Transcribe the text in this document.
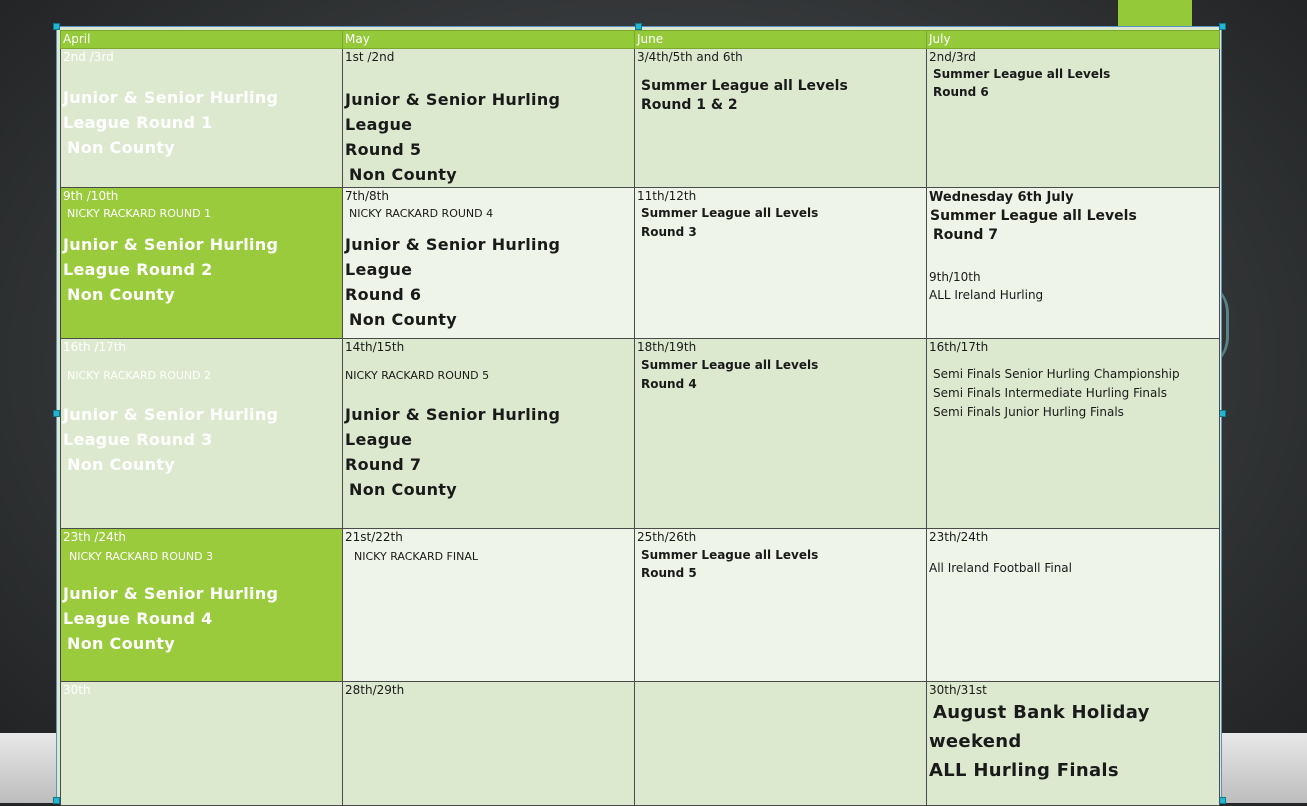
April	May	June	July

2nd /3rd
Junior & Senior Hurling
League Round 1
Non County	1st /2nd
Junior & Senior Hurling League
Round 5
Non County	3/4th/5th and 6th
Summer League all Levels
Round 1 & 2	2nd/3rd
Summer League all Levels
Round 6

9th /10th
NICKY RACKARD ROUND 1
Junior & Senior Hurling
League Round 2
Non County	7th/8th
NICKY RACKARD ROUND 4
Junior & Senior Hurling League
Round 6
Non County	11th/12th
Summer League all Levels
Round 3	Wednesday 6th July
Summer League all Levels
Round 7
9th/10th
ALL Ireland Hurling

16th /17th
NICKY RACKARD ROUND 2
Junior & Senior Hurling
League Round 3
Non County	14th/15th
NICKY RACKARD ROUND 5
Junior & Senior Hurling League
Round 7
Non County	18th/19th
Summer League all Levels
Round 4	16th/17th
Semi Finals Senior Hurling Championship
Semi Finals Intermediate Hurling Finals
Semi Finals Junior Hurling Finals

23th /24th
NICKY RACKARD ROUND 3
Junior & Senior Hurling
League Round 4
Non County	21st/22th
NICKY RACKARD FINAL	25th/26th
Summer League all Levels
Round 5	23th/24th
All Ireland Football Final

30th	28th/29th		30th/31st
August Bank Holiday
weekend
ALL Hurling Finals
